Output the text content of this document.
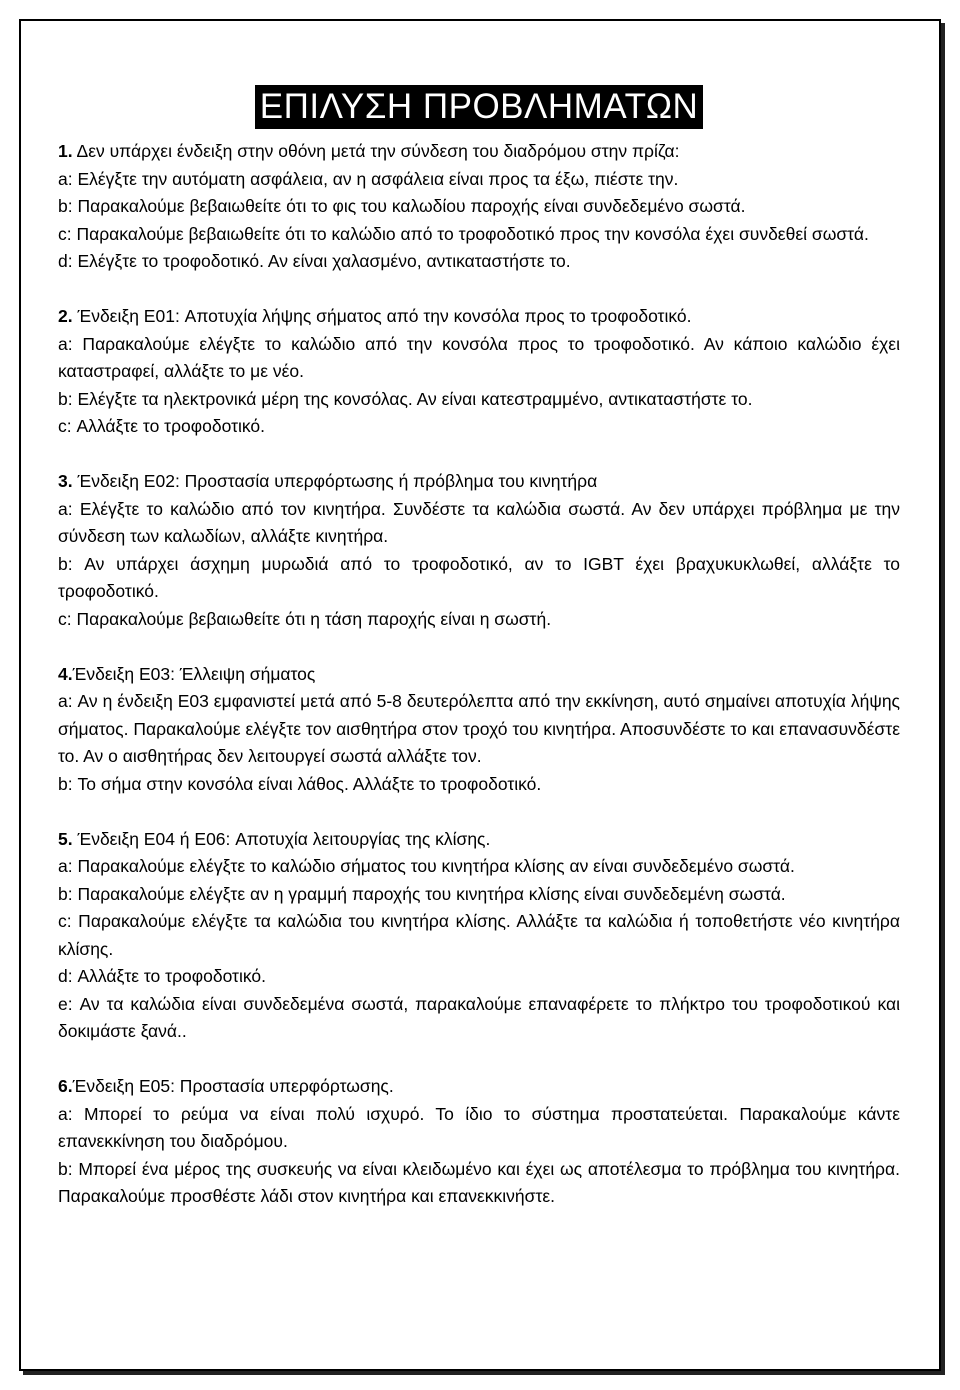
ΕΠΙΛΥΣΗ ΠΡΟΒΛΗΜΑΤΩΝ
1. Δεν υπάρχει ένδειξη στην οθόνη μετά την σύνδεση του διαδρόμου στην πρίζα:
a: Ελέγξτε την αυτόματη ασφάλεια, αν η ασφάλεια είναι προς τα έξω, πιέστε την.
b: Παρακαλούμε βεβαιωθείτε ότι το φις του καλωδίου παροχής είναι συνδεδεμένο σωστά.
c: Παρακαλούμε βεβαιωθείτε ότι το καλώδιο από το τροφοδοτικό προς την κονσόλα έχει συνδεθεί σωστά.
d: Ελέγξτε το τροφοδοτικό. Αν είναι χαλασμένο, αντικαταστήστε το.
2. Ένδειξη E01: Αποτυχία λήψης σήματος από την κονσόλα προς το τροφοδοτικό.
a: Παρακαλούμε ελέγξτε το καλώδιο από την κονσόλα προς το τροφοδοτικό. Αν κάποιο καλώδιο έχει καταστραφεί, αλλάξτε το με νέο.
b: Ελέγξτε τα ηλεκτρονικά μέρη της κονσόλας. Αν είναι κατεστραμμένο, αντικαταστήστε το.
c: Αλλάξτε το τροφοδοτικό.
3. Ένδειξη E02: Προστασία υπερφόρτωσης ή πρόβλημα του κινητήρα
a: Ελέγξτε το καλώδιο από τον κινητήρα. Συνδέστε τα καλώδια σωστά. Αν δεν υπάρχει πρόβλημα με την σύνδεση των καλωδίων, αλλάξτε κινητήρα.
b: Αν υπάρχει άσχημη μυρωδιά από το τροφοδοτικό, αν το IGBT έχει βραχυκυκλωθεί, αλλάξτε το τροφοδοτικό.
c: Παρακαλούμε βεβαιωθείτε ότι η τάση παροχής είναι η σωστή.
4.Ένδειξη E03: Έλλειψη σήματος
a: Αν η ένδειξη E03 εμφανιστεί μετά από 5-8 δευτερόλεπτα από την εκκίνηση, αυτό σημαίνει αποτυχία λήψης σήματος. Παρακαλούμε ελέγξτε τον αισθητήρα στον τροχό του κινητήρα. Αποσυνδέστε το και επανασυνδέστε το. Αν ο αισθητήρας δεν λειτουργεί σωστά αλλάξτε τον.
b: Το σήμα στην κονσόλα είναι λάθος. Αλλάξτε το τροφοδοτικό.
5. Ένδειξη E04 ή E06: Αποτυχία λειτουργίας της κλίσης.
a: Παρακαλούμε ελέγξτε το καλώδιο σήματος του κινητήρα κλίσης αν είναι συνδεδεμένο σωστά.
b: Παρακαλούμε ελέγξτε αν η γραμμή παροχής του κινητήρα κλίσης είναι συνδεδεμένη σωστά.
c: Παρακαλούμε ελέγξτε τα καλώδια του κινητήρα κλίσης. Αλλάξτε τα καλώδια ή τοποθετήστε νέο κινητήρα κλίσης.
d: Αλλάξτε το τροφοδοτικό.
e: Αν τα καλώδια είναι συνδεδεμένα σωστά, παρακαλούμε επαναφέρετε το πλήκτρο του τροφοδοτικού και δοκιμάστε ξανά..
6.Ένδειξη E05: Προστασία υπερφόρτωσης.
a: Μπορεί το ρεύμα να είναι πολύ ισχυρό. Το ίδιο το σύστημα προστατεύεται. Παρακαλούμε κάντε επανεκκίνηση του διαδρόμου.
b: Μπορεί ένα μέρος της συσκευής να είναι κλειδωμένο και έχει ως αποτέλεσμα το πρόβλημα του κινητήρα. Παρακαλούμε προσθέστε λάδι στον κινητήρα και επανεκκινήστε.
